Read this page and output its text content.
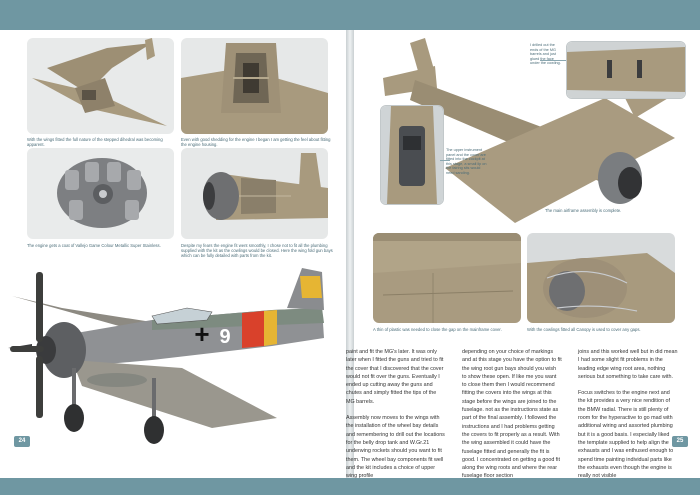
With the wings fitted the full nature of the stepped dihedral was becoming apparent.
Even with good shedding for the engine I began I am getting the feel about fitting the engine housing.
The engine gets a coat of Vallejo Game Colour Metallic Super Stainless.	Despite my fears the engine fit went smoothly, I chose not to fit all the plumbing supplied with the kit as the cowlings would be closed. Here the wing fold gun bays which can be fully detailed with parts from the kit.
9
+
24
I drilled out the ends of the MG barrels and just glued the face under the cowling.
The upper instrument panel and the cover are fitted into the cockpit at this stage, a small lip on the fairing sits would need sanding.
The main airframe assembly is complete.
A thin of plastic was needed to close the gap on the mainframe cover.	With the cowlings fitted all Canopy is used to cover any gaps.

paint and fit the MG's later. It was only later when I fitted the guns and tried to fit the cover that I discovered that the cover would not fit over the guns. Eventually I ended up cutting away the guns and chutes and simply fitted the tips of the MG barrels.

Assembly now moves to the wings with the installation of the wheel bay details and remembering to drill out the locations for the belly drop tank and W.Gr.21 underwing rockets should you want to fit them. The wheel bay components fit well and the kit includes a choice of upper wing profile

depending on your choice of markings and at this stage you have the option to fit the wing root gun bays should you wish to show these open. If like me you want to close them then I would recommend fitting the covers into the wings at this stage before the wings are joined to the fuselage. not as the instructions state as part of the final assembly. I followed the instructions and I had problems getting the covers to fit properly as a result. With the wing assembled it could have the fuselage fitted and generally the fit is good. I concentrated on getting a good fit along the wing roots and where the rear fuselage floor section

joins and this worked well but in did mean I had some slight fit problems in the leading edge wing root area, nothing serious but something to take care with.

Focus switches to the engine next and the kit provides a very nice rendition of the BMW radial. There is still plenty of room for the hyperactive to go mad with additional wiring and assorted plumbing but it is a good basis. I especially liked the template supplied to help align the exhausts and I was enthused enough to spend time painting individual parts like the exhausts even though the engine is really not visible

25
